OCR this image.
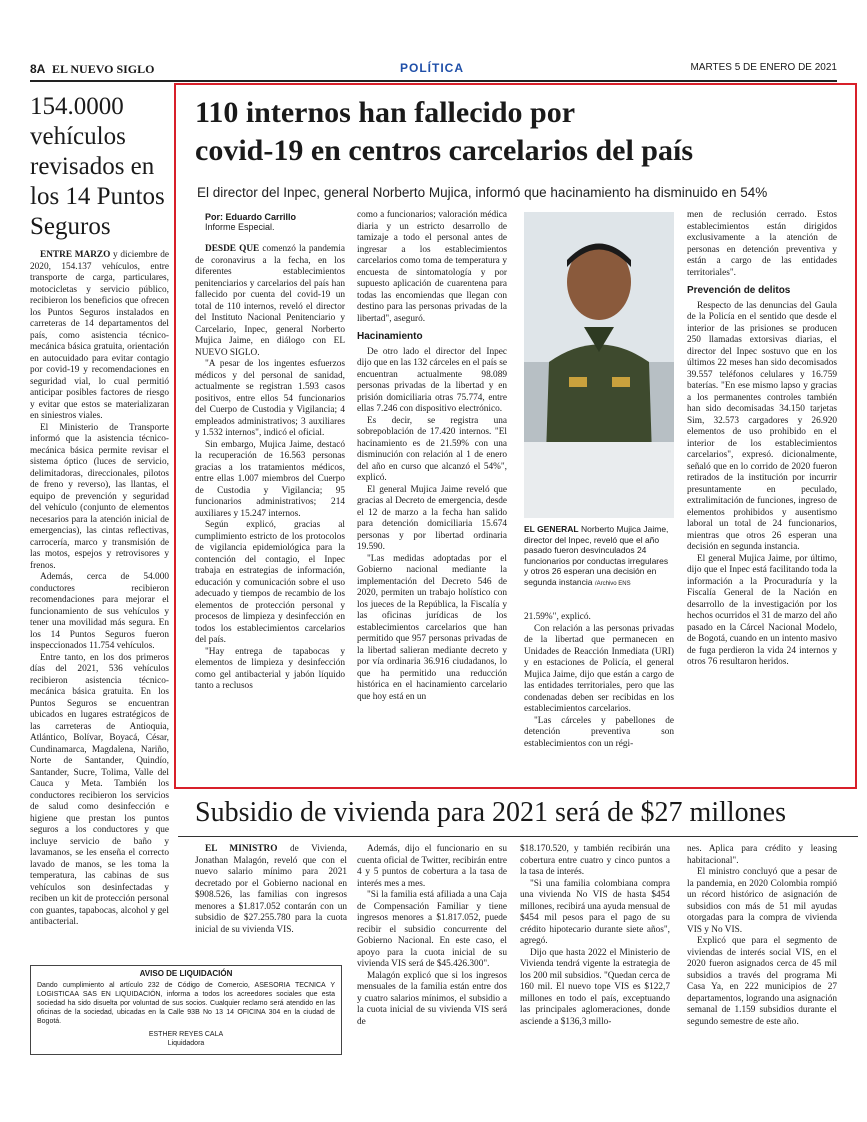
8A EL NUEVO SIGLO	POLÍTICA	MARTES 5 DE ENERO DE 2021
154.0000 vehículos revisados en los 14 Puntos Seguros

ENTRE MARZO y diciembre de 2020, 154.137 vehículos, entre transporte de carga, particulares, motocicletas y servicio público, recibieron los beneficios que ofrecen los Puntos Seguros instalados en carreteras de 14 departamentos del país, como asistencia técnico-mecánica básica gratuita, orientación en autocuidado para evitar contagio por covid-19 y recomendaciones en seguridad vial, lo cual permitió anticipar posibles factores de riesgo y evitar que estos se materializaran en siniestros viales.

El Ministerio de Transporte informó que la asistencia técnico-mecánica básica permite revisar el sistema óptico (luces de servicio, delimitadoras, direccionales, pilotos de freno y reverso), las llantas, el equipo de prevención y seguridad del vehículo (conjunto de elementos necesarios para la atención inicial de emergencias), las cintas reflectivas, carrocería, marco y transmisión de las motos, espejos y retrovisores y frenos.

Además, cerca de 54.000 conductores recibieron recomendaciones para mejorar el funcionamiento de sus vehículos y tener una movilidad más segura. En los 14 Puntos Seguros fueron inspeccionados 11.754 vehículos.

Entre tanto, en los dos primeros días del 2021, 536 vehículos recibieron asistencia técnico-mecánica básica gratuita. En los Puntos Seguros se encuentran ubicados en lugares estratégicos de las carreteras de Antioquia, Atlántico, Bolívar, Boyacá, César, Cundinamarca, Magdalena, Nariño, Norte de Santander, Quindío, Santander, Sucre, Tolima, Valle del Cauca y Meta. También los conductores recibieron los servicios de salud como desinfección e higiene que prestan los puntos seguros a los conductores y que incluye servicio de baño y lavamanos, se les enseña el correcto lavado de manos, se les toma la temperatura, las cabinas de sus vehículos son desinfectadas y reciben un kit de protección personal con guantes, tapabocas, alcohol y gel antibacterial.

110 internos han fallecido por
covid-19 en centros carcelarios del país
El director del Inpec, general Norberto Mujica, informó que hacinamiento ha disminuido en 54%
Por: Eduardo Carrillo
Informe Especial.

DESDE QUE comenzó la pandemia de coronavirus a la fecha, en los diferentes establecimientos penitenciarios y carcelarios del país han fallecido por cuenta del covid-19 un total de 110 internos, reveló el director del Instituto Nacional Penitenciario y Carcelario, Inpec, general Norberto Mujica Jaime, en diálogo con EL NUEVO SIGLO.

"A pesar de los ingentes esfuerzos médicos y del personal de sanidad, actualmente se registran 1.593 casos positivos, entre ellos 54 funcionarios del Cuerpo de Custodia y Vigilancia; 4 empleados administrativos; 3 auxiliares y 1.532 internos", indicó el oficial.

Sin embargo, Mujica Jaime, destacó la recuperación de 16.563 personas gracias a los tratamientos médicos, entre ellas 1.007 miembros del Cuerpo de Custodia y Vigilancia; 95 funcionarios administrativos; 214 auxiliares y 15.247 internos.

Según explicó, gracias al cumplimiento estricto de los protocolos de vigilancia epidemiológica para la contención del contagio, el Inpec trabaja en estrategias de información, educación y comunicación sobre el uso adecuado y tiempos de recambio de los elementos de protección personal y procesos de limpieza y desinfección en todos los establecimientos carcelarios del país.

"Hay entrega de tapabocas y elementos de limpieza y desinfección como gel antibacterial y jabón líquido tanto a reclusos

como a funcionarios; valoración médica diaria y un estricto desarrollo de tamizaje a todo el personal antes de ingresar a los establecimientos carcelarios como toma de temperatura y encuesta de sintomatología y por supuesto aplicación de cuarentena para todas las encomiendas que llegan con destino para las personas privadas de la libertad", aseguró.

Hacinamiento

De otro lado el director del Inpec dijo que en las 132 cárceles en el país se encuentran actualmente 98.089 personas privadas de la libertad y en prisión domiciliaria otras 75.774, entre ellas 7.246 con dispositivo electrónico.

Es decir, se registra una sobrepoblación de 17.420 internos. "El hacinamiento es de 21.59% con una disminución con relación al 1 de enero del año en curso que alcanzó el 54%", explicó.

El general Mujica Jaime reveló que gracias al Decreto de emergencia, desde el 12 de marzo a la fecha han salido para detención domiciliaria 15.674 personas y por libertad ordinaria 19.590.

"Las medidas adoptadas por el Gobierno nacional mediante la implementación del Decreto 546 de 2020, permiten un trabajo holístico con los jueces de la República, la Fiscalía y las oficinas jurídicas de los establecimientos carcelarios que han permitido que 957 personas privadas de la libertad salieran mediante decreto y por vía ordinaria 36.916 ciudadanos, lo que ha permitido una reducción histórica en el hacinamiento carcelario que hoy está en un

EL GENERAL Norberto Mujica Jaime, director del Inpec, reveló que el año pasado fueron desvinculados 24 funcionarios por conductas irregulares y otros 26 esperan una decisión en segunda instancia /Archivo ENS

21.59%", explicó.

Con relación a las personas privadas de la libertad que permanecen en Unidades de Reacción Inmediata (URI) y en estaciones de Policía, el general Mujica Jaime, dijo que están a cargo de las entidades territoriales, pero que las condenadas deben ser recibidas en los establecimientos carcelarios.

"Las cárceles y pabellones de detención preventiva son establecimientos con un régi-

men de reclusión cerrado. Estos establecimientos están dirigidos exclusivamente a la atención de personas en detención preventiva y están a cargo de las entidades territoriales".

Prevención de delitos

Respecto de las denuncias del Gaula de la Policía en el sentido que desde el interior de las prisiones se producen 250 llamadas extorsivas diarias, el director del Inpec sostuvo que en los últimos 22 meses han sido decomisados 39.557 teléfonos celulares y 16.759 baterías. "En ese mismo lapso y gracias a los permanentes controles también han sido decomisadas 34.150 tarjetas Sim, 32.573 cargadores y 26.920 elementos de uso prohibido en el interior de los establecimientos carcelarios", expresó. dicionalmente, señaló que en lo corrido de 2020 fueron retirados de la institución por incurrir presuntamente en peculado, extralimitación de funciones, ingreso de elementos prohibidos y ausentismo laboral un total de 24 funcionarios, mientras que otros 26 esperan una decisión en segunda instancia.

El general Mujica Jaime, por último, dijo que el Inpec está facilitando toda la información a la Procuraduría y la Fiscalía General de la Nación en desarrollo de la investigación por los hechos ocurridos el 31 de marzo del año pasado en la Cárcel Nacional Modelo, de Bogotá, cuando en un intento masivo de fuga perdieron la vida 24 internos y otros 76 resultaron heridos.

Subsidio de vivienda para 2021 será de $27 millones

EL MINISTRO de Vivienda, Jonathan Malagón, reveló que con el nuevo salario mínimo para 2021 decretado por el Gobierno nacional en $908.526, las familias con ingresos menores a $1.817.052 contarán con un subsidio de $27.255.780 para la cuota inicial de su vivienda VIS.

Además, dijo el funcionario en su cuenta oficial de Twitter, recibirán entre 4 y 5 puntos de cobertura a la tasa de interés mes a mes.

"Si la familia está afiliada a una Caja de Compensación Familiar y tiene ingresos menores a $1.817.052, puede recibir el subsidio concurrente del Gobierno Nacional. En este caso, el apoyo para la cuota inicial de su vivienda VIS será de $45.426.300".

Malagón explicó que si los ingresos mensuales de la familia están entre dos y cuatro salarios mínimos, el subsidio a la cuota inicial de su vivienda VIS será de

$18.170.520, y también recibirán una cobertura entre cuatro y cinco puntos a la tasa de interés.

"Si una familia colombiana compra una vivienda No VIS de hasta $454 millones, recibirá una ayuda mensual de $454 mil pesos para el pago de su crédito hipotecario durante siete años", agregó.

Dijo que hasta 2022 el Ministerio de Vivienda tendrá vigente la estrategia de los 200 mil subsidios. "Quedan cerca de 160 mil. El nuevo tope VIS es $122,7 millones en todo el país, exceptuando las principales aglomeraciones, donde asciende a $136,3 millo-

nes. Aplica para crédito y leasing habitacional".

El ministro concluyó que a pesar de la pandemia, en 2020 Colombia rompió un récord histórico de asignación de subsidios con más de 51 mil ayudas otorgadas para la compra de vivienda VIS y No VIS.

Explicó que para el segmento de viviendas de interés social VIS, en el 2020 fueron asignados cerca de 45 mil subsidios a través del programa Mi Casa Ya, en 222 municipios de 27 departamentos, logrando una asignación semanal de 1.159 subsidios durante el segundo semestre de este año.

AVISO DE LIQUIDACIÓN
Dando cumplimiento al artículo 232 de Código de Comercio, ASESORIA TECNICA Y LOGISTICAA SAS EN LIQUIDACIÓN, informa a todos los acreedores sociales que esta sociedad ha sido disuelta por voluntad de sus socios. Cualquier reclamo será atendido en las oficinas de la sociedad, ubicadas en la Calle 93B No 13 14 OFICINA 304 en la ciudad de Bogotá.
ESTHER REYES CALA
Liquidadora
